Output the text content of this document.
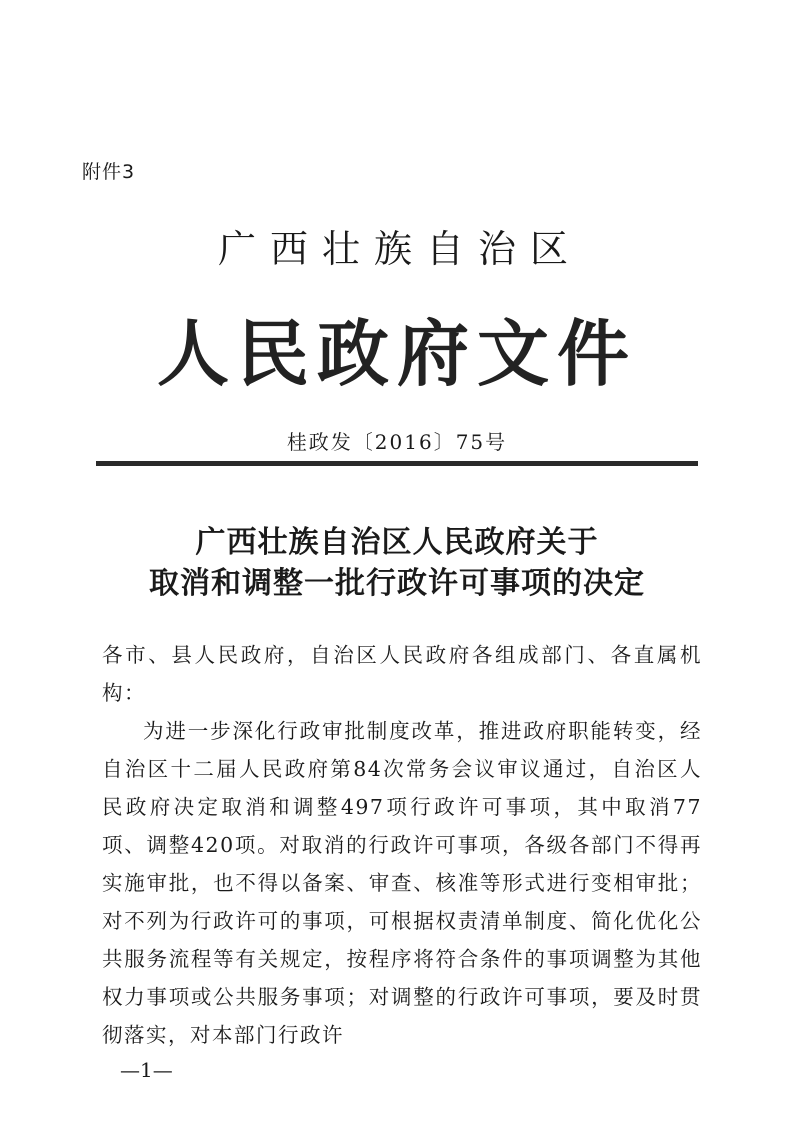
附件3
广西壮族自治区
人民政府文件
桂政发〔2016〕75号
广西壮族自治区人民政府关于
取消和调整一批行政许可事项的决定

各市、县人民政府，自治区人民政府各组成部门、各直属机构：

为进一步深化行政审批制度改革，推进政府职能转变，经自治区十二届人民政府第84次常务会议审议通过，自治区人民政府决定取消和调整497项行政许可事项，其中取消77项、调整420项。对取消的行政许可事项，各级各部门不得再实施审批，也不得以备案、审查、核准等形式进行变相审批；对不列为行政许可的事项，可根据权责清单制度、简化优化公共服务流程等有关规定，按程序将符合条件的事项调整为其他权力事项或公共服务事项；对调整的行政许可事项，要及时贯彻落实，对本部门行政许

—1—
